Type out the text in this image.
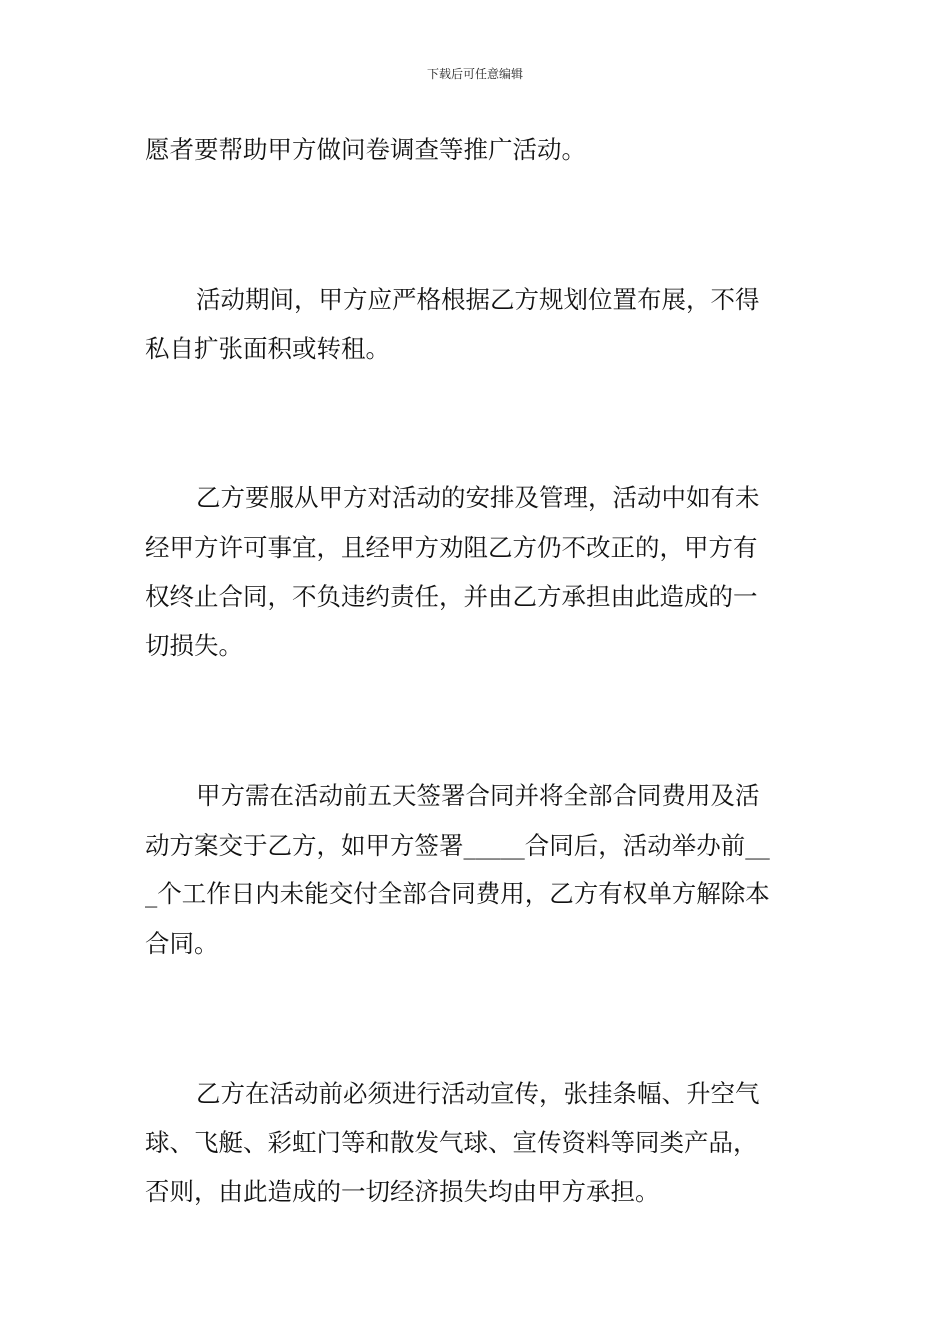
下载后可任意编辑

愿者要帮助甲方做问卷调查等推广活动。

活动期间，甲方应严格根据乙方规划位置布展，不得

私自扩张面积或转租。

乙方要服从甲方对活动的安排及管理，活动中如有未

经甲方许可事宜，且经甲方劝阻乙方仍不改正的，甲方有

权终止合同，不负违约责任，并由乙方承担由此造成的一

切损失。

甲方需在活动前五天签署合同并将全部合同费用及活

动方案交于乙方，如甲方签署_____合同后，活动举办前__

_个工作日内未能交付全部合同费用，乙方有权单方解除本

合同。

乙方在活动前必须进行活动宣传，张挂条幅、升空气

球、飞艇、彩虹门等和散发气球、宣传资料等同类产品，

否则，由此造成的一切经济损失均由甲方承担。
